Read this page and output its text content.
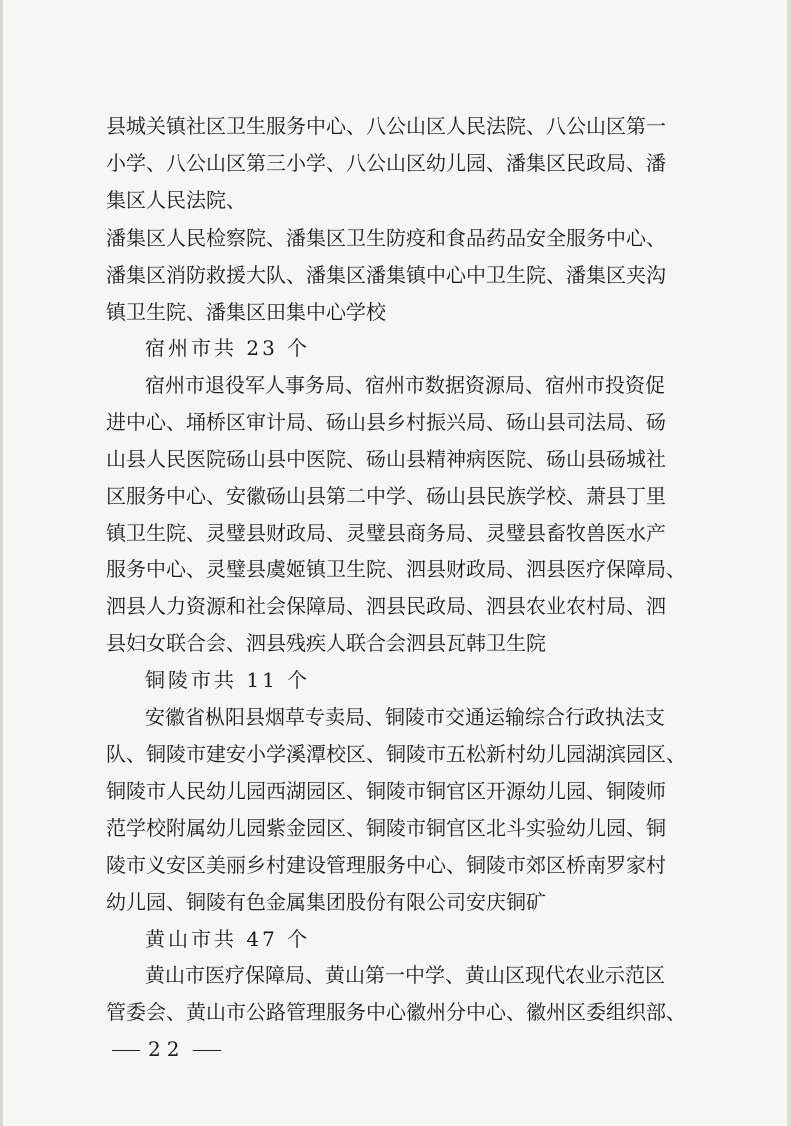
县城关镇社区卫生服务中心、八公山区人民法院、八公山区第一
小学、八公山区第三小学、八公山区幼儿园、潘集区民政局、潘
集区人民法院、
潘集区人民检察院、潘集区卫生防疫和食品药品安全服务中心、
潘集区消防救援大队、潘集区潘集镇中心中卫生院、潘集区夹沟
镇卫生院、潘集区田集中心学校
宿州市共 23 个
宿州市退役军人事务局、宿州市数据资源局、宿州市投资促
进中心、埇桥区审计局、砀山县乡村振兴局、砀山县司法局、砀
山县人民医院砀山县中医院、砀山县精神病医院、砀山县砀城社
区服务中心、安徽砀山县第二中学、砀山县民族学校、萧县丁里
镇卫生院、灵璧县财政局、灵璧县商务局、灵璧县畜牧兽医水产
服务中心、灵璧县虞姬镇卫生院、泗县财政局、泗县医疗保障局、
泗县人力资源和社会保障局、泗县民政局、泗县农业农村局、泗
县妇女联合会、泗县残疾人联合会泗县瓦韩卫生院
铜陵市共 11 个
安徽省枞阳县烟草专卖局、铜陵市交通运输综合行政执法支
队、铜陵市建安小学溪潭校区、铜陵市五松新村幼儿园湖滨园区、
铜陵市人民幼儿园西湖园区、铜陵市铜官区开源幼儿园、铜陵师
范学校附属幼儿园紫金园区、铜陵市铜官区北斗实验幼儿园、铜
陵市义安区美丽乡村建设管理服务中心、铜陵市郊区桥南罗家村
幼儿园、铜陵有色金属集团股份有限公司安庆铜矿
黄山市共 47 个
黄山市医疗保障局、黄山第一中学、黄山区现代农业示范区
管委会、黄山市公路管理服务中心徽州分中心、徽州区委组织部、
22
